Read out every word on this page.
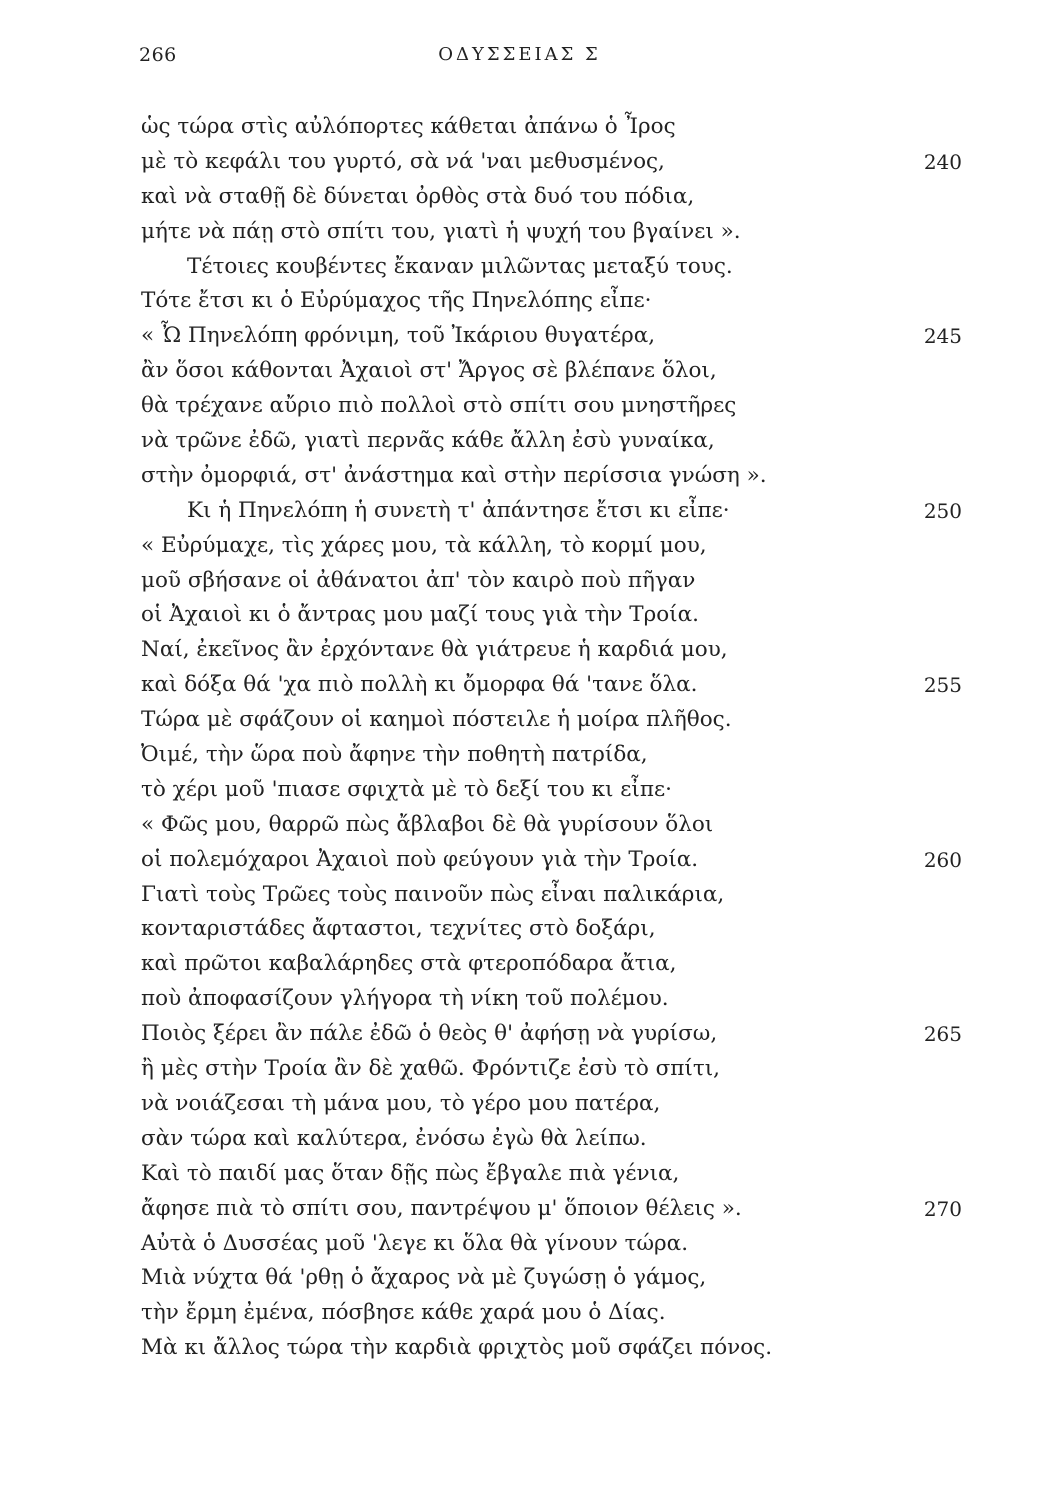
266	ΟΔΥΣΣΕΙΑΣ Σ
ὡς τώρα στὶς αὐλόπορτες κάθεται ἀπάνω ὁ Ἶρος
μὲ τὸ κεφάλι του γυρτό, σὰ νά 'ναι μεθυσμένος,	240
καὶ νὰ σταθῇ δὲ δύνεται ὀρθὸς στὰ δυό του πόδια,
μήτε νὰ πάῃ στὸ σπίτι του, γιατὶ ἡ ψυχή του βγαίνει ».
Τέτοιες κουβέντες ἔκαναν μιλῶντας μεταξύ τους.
Τότε ἔτσι κι ὁ Εὐρύμαχος τῆς Πηνελόπης εἶπε·
« Ὦ Πηνελόπη φρόνιμη, τοῦ Ἰκάριου θυγατέρα,	245
ἂν ὅσοι κάθονται Ἀχαιοὶ στ' Ἄργος σὲ βλέπανε ὅλοι,
θὰ τρέχανε αὔριο πιὸ πολλοὶ στὸ σπίτι σου μνηστῆρες
νὰ τρῶνε ἐδῶ, γιατὶ περνᾶς κάθε ἄλλη ἐσὺ γυναίκα,
στὴν ὀμορφιά, στ' ἀνάστημα καὶ στὴν περίσσια γνώση ».
Κι ἡ Πηνελόπη ἡ συνετὴ τ' ἀπάντησε ἔτσι κι εἶπε·	250
« Εὐρύμαχε, τὶς χάρες μου, τὰ κάλλη, τὸ κορμί μου,
μοῦ σβήσανε οἱ ἀθάνατοι ἀπ' τὸν καιρὸ ποὺ πῆγαν
οἱ Ἀχαιοὶ κι ὁ ἄντρας μου μαζί τους γιὰ τὴν Τροία.
Ναί, ἐκεῖνος ἂν ἐρχόντανε θὰ γιάτρευε ἡ καρδιά μου,
καὶ δόξα θά 'χα πιὸ πολλὴ κι ὄμορφα θά 'τανε ὅλα.	255
Τώρα μὲ σφάζουν οἱ καημοὶ πόστειλε ἡ μοίρα πλῆθος.
Ὀιμέ, τὴν ὥρα ποὺ ἄφηνε τὴν ποθητὴ πατρίδα,
τὸ χέρι μοῦ 'πιασε σφιχτὰ μὲ τὸ δεξί του κι εἶπε·
« Φῶς μου, θαρρῶ πὼς ἄβλαβοι δὲ θὰ γυρίσουν ὅλοι
οἱ πολεμόχαροι Ἀχαιοὶ ποὺ φεύγουν γιὰ τὴν Τροία.	260
Γιατὶ τοὺς Τρῶες τοὺς παινοῦν πὼς εἶναι παλικάρια,
κονταριστάδες ἄφταστοι, τεχνίτες στὸ δοξάρι,
καὶ πρῶτοι καβαλάρηδες στὰ φτεροπόδαρα ἄτια,
ποὺ ἀποφασίζουν γλήγορα τὴ νίκη τοῦ πολέμου.
Ποιὸς ξέρει ἂν πάλε ἐδῶ ὁ θεὸς θ' ἀφήσῃ νὰ γυρίσω,	265
ἢ μὲς στὴν Τροία ἂν δὲ χαθῶ. Φρόντιζε ἐσὺ τὸ σπίτι,
νὰ νοιάζεσαι τὴ μάνα μου, τὸ γέρο μου πατέρα,
σὰν τώρα καὶ καλύτερα, ἐνόσω ἐγὼ θὰ λείπω.
Καὶ τὸ παιδί μας ὅταν δῇς πὼς ἔβγαλε πιὰ γένια,
ἄφησε πιὰ τὸ σπίτι σου, παντρέψου μ' ὅποιον θέλεις ».	270
Αὐτὰ ὁ Δυσσέας μοῦ 'λεγε κι ὅλα θὰ γίνουν τώρα.
Μιὰ νύχτα θά 'ρθῃ ὁ ἄχαρος νὰ μὲ ζυγώσῃ ὁ γάμος,
τὴν ἔρμη ἐμένα, πόσβησε κάθε χαρά μου ὁ Δίας.
Μὰ κι ἄλλος τώρα τὴν καρδιὰ φριχτὸς μοῦ σφάζει πόνος.
